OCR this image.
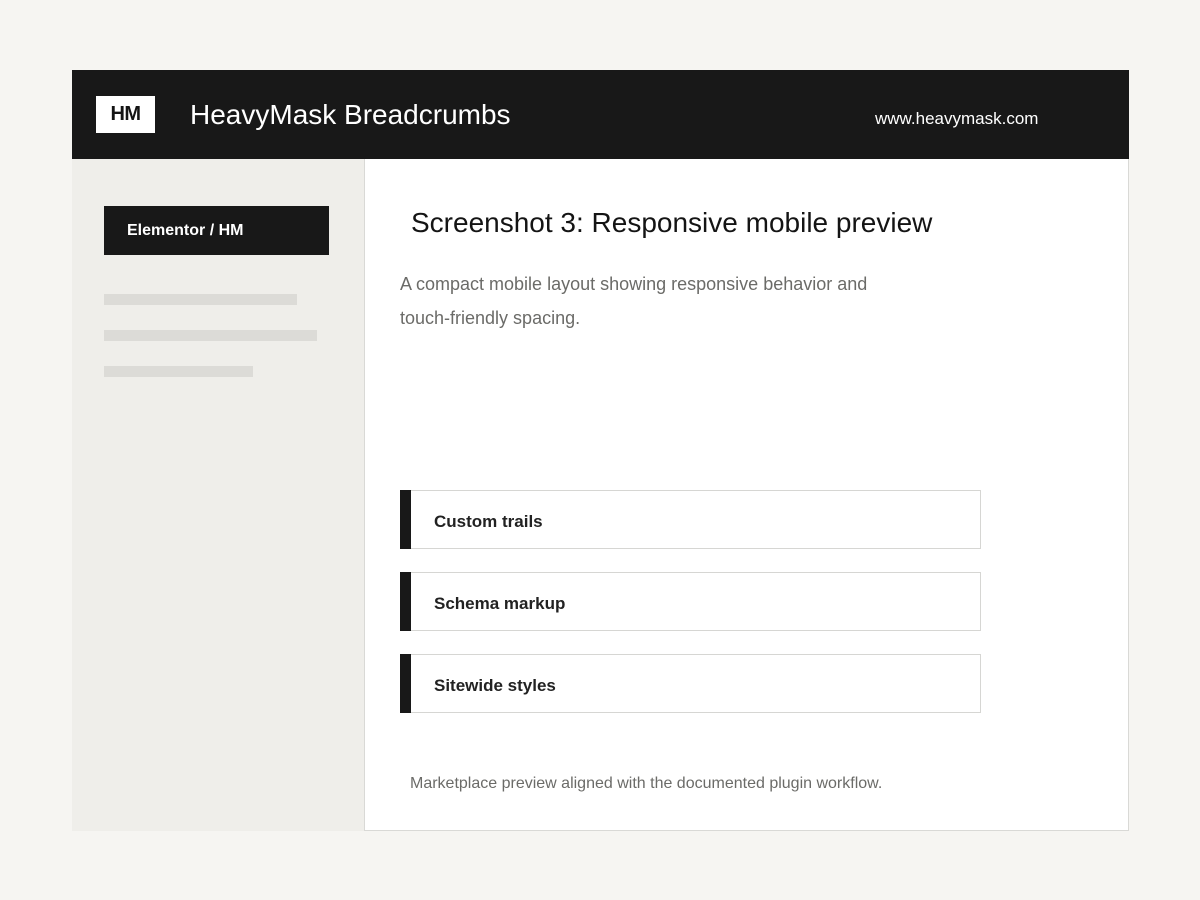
HM	HeavyMask Breadcrumbs	www.heavymask.com
Elementor / HM	Screenshot 3: Responsive mobile preview
A compact mobile layout showing responsive behavior and touch-friendly spacing.
Custom trails
Schema markup
Sitewide styles
Marketplace preview aligned with the documented plugin workflow.
